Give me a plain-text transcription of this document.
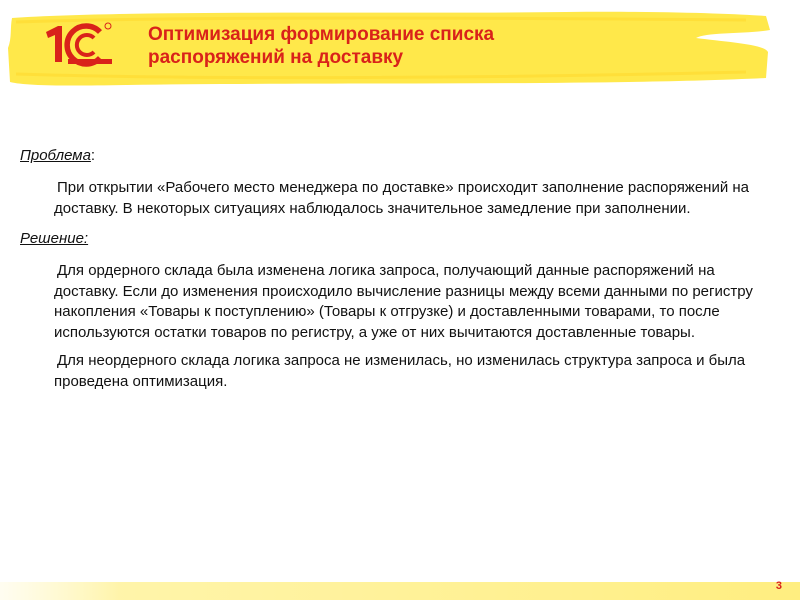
Оптимизация формирование списка
распоряжений на доставку
Проблема:

При открытии «Рабочего место менеджера по доставке» происходит заполнение распоряжений на доставку. В некоторых ситуациях наблюдалось значительное замедление при заполнении.

Решение:

Для ордерного склада была изменена логика запроса, получающий данные распоряжений на доставку. Если до изменения происходило вычисление разницы между всеми данными по регистру накопления «Товары к поступлению» (Товары к отгрузке) и доставленными товарами, то после используются остатки товаров по регистру, а уже от них вычитаются доставленные товары.

Для неордерного склада логика запроса не изменилась, но изменилась структура запроса и была проведена оптимизация.

3
